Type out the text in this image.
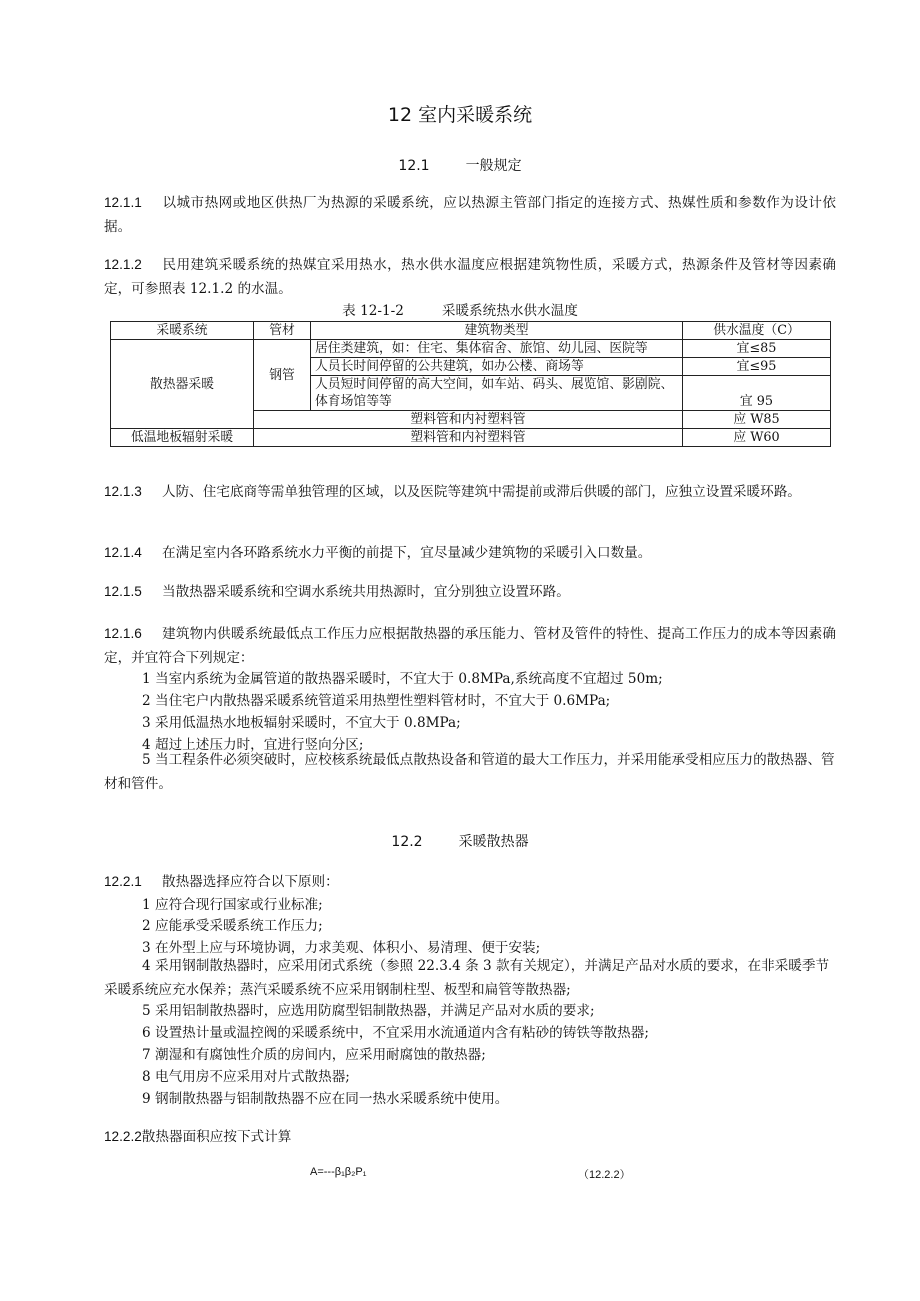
12 室内采暖系统
12.1	一般规定
12.1.1 以城市热网或地区供热厂为热源的采暖系统，应以热源主管部门指定的连接方式、热媒性质和参数作为设计依据。
12.1.2 民用建筑采暖系统的热媒宜采用热水，热水供水温度应根据建筑物性质，采暖方式，热源条件及管材等因素确定，可参照表 12.1.2 的水温。
表 12-1-2	采暖系统热水供水温度
采暖系统	管材	建筑物类型	供水温度（C）
散热器采暖	钢管	居住类建筑，如：住宅、集体宿舍、旅馆、幼儿园、医院等	宜≤85
		人员长时间停留的公共建筑，如办公楼、商场等	宜≤95
		人员短时间停留的高大空间，如车站、码头、展览馆、影剧院、体育场馆等等	宜 95
	塑料管和内衬塑料管		应 W85
低温地板辐射采暖	塑料管和内衬塑料管		应 W60
12.1.3 人防、住宅底商等需单独管理的区域，以及医院等建筑中需提前或滞后供暖的部门，应独立设置采暖环路。
12.1.4 在满足室内各环路系统水力平衡的前提下，宜尽量减少建筑物的采暖引入口数量。
12.1.5 当散热器采暖系统和空调水系统共用热源时，宜分别独立设置环路。
12.1.6 建筑物内供暖系统最低点工作压力应根据散热器的承压能力、管材及管件的特性、提高工作压力的成本等因素确定，并宜符合下列规定：
1 当室内系统为金属管道的散热器采暖时，不宜大于 0.8MPa,系统高度不宜超过 50m;
2 当住宅户内散热器采暖系统管道采用热塑性塑料管材时，不宜大于 0.6MPa;
3 采用低温热水地板辐射采暖时，不宜大于 0.8MPa;
4 超过上述压力时，宜进行竖向分区;
5 当工程条件必须突破时，应校核系统最低点散热设备和管道的最大工作压力，并采用能承受相应压力的散热器、管材和管件。
12.2	采暖散热器
12.2.1 散热器选择应符合以下原则：
1 应符合现行国家或行业标准;
2 应能承受采暖系统工作压力;
3 在外型上应与环境协调，力求美观、体积小、易清理、便于安装;
4 采用钢制散热器时，应采用闭式系统（参照 22.3.4 条 3 款有关规定），并满足产品对水质的要求，在非采暖季节采暖系统应充水保养；蒸汽采暖系统不应采用钢制柱型、板型和扁管等散热器;
5 采用铝制散热器时，应选用防腐型铝制散热器，并满足产品对水质的要求;
6 设置热计量或温控阀的采暖系统中，不宜采用水流通道内含有粘砂的铸铁等散热器;
7 潮湿和有腐蚀性介质的房间内，应采用耐腐蚀的散热器;
8 电气用房不应采用对片式散热器;
9 钢制散热器与铝制散热器不应在同一热水采暖系统中使用。
12.2.2散热器面积应按下式计算
A=---β₁β₂P₁	（12.2.2）
